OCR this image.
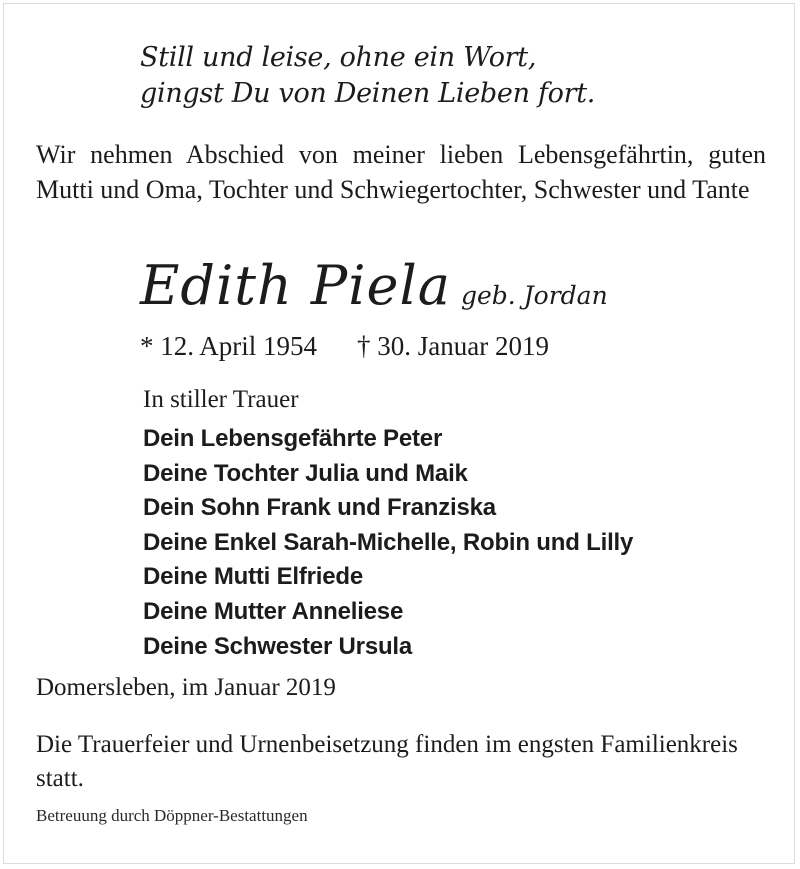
Still und leise, ohne ein Wort,
gingst Du von Deinen Lieben fort.
Wir nehmen Abschied von meiner lieben Lebensgefährtin, guten Mutti und Oma, Tochter und Schwiegertochter, Schwester und Tante
Edith Piela geb. Jordan
* 12. April 1954 † 30. Januar 2019
In stiller Trauer
Dein Lebensgefährte Peter
Deine Tochter Julia und Maik
Dein Sohn Frank und Franziska
Deine Enkel Sarah-Michelle, Robin und Lilly
Deine Mutti Elfriede
Deine Mutter Anneliese
Deine Schwester Ursula
Domersleben, im Januar 2019
Die Trauerfeier und Urnenbeisetzung finden im engsten Familienkreis statt.
Betreuung durch Döppner-Bestattungen
